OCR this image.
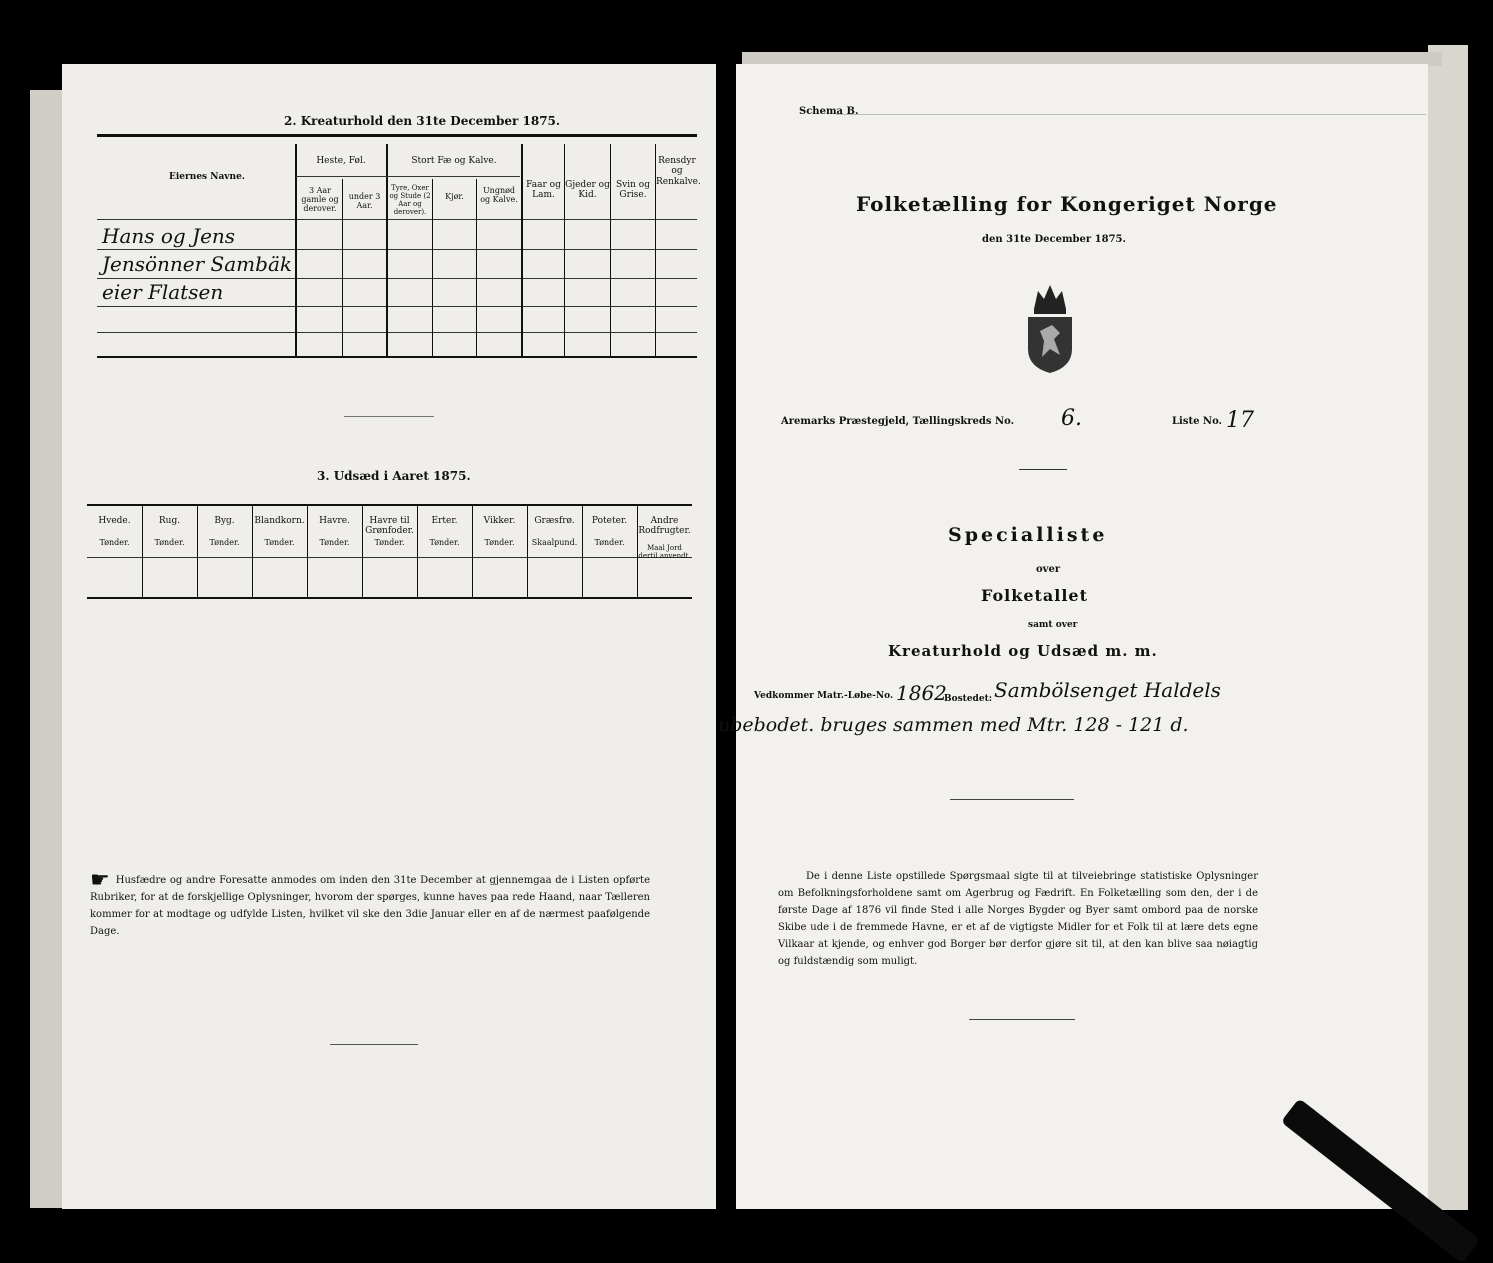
2. Kreaturhold den 31te December 1875.
Eiernes Navne.
Heste, Føl.	Stort Fæ og Kalve.
3 Aar gamle og derover.
under 3 Aar.
Tyre, Oxer og Stude (2 Aar og derover).
Kjør.
Ungnød og Kalve.
Faar og Lam.
Gjeder og Kid.
Svin og Grise.
Rensdyr og Renkalve.
Hans og Jens
Jensönner Sambäk
eier Flatsen
3. Udsæd i Aaret 1875.
Hvede.
Tønder.
Rug.
Tønder.
Byg.
Tønder.
Blandkorn.
Tønder.
Havre.
Tønder.
Havre til Grønfoder.
Tønder.
Erter.
Tønder.
Vikker.
Tønder.
Græsfrø.
Skaalpund.
Poteter.
Tønder.
Andre Rodfrugter.
Maal Jord dertil anvendt.
☛ Husfædre og andre Foresatte anmodes om inden den 31te December at gjennemgaa de i Listen opførte Rubriker, for at de forskjellige Oplysninger, hvorom der spørges, kunne haves paa rede Haand, naar Tælleren kommer for at modtage og udfylde Listen, hvilket vil ske den 3die Januar eller en af de nærmest paafølgende Dage.
Schema B.
Folketælling for Kongeriget Norge
den 31te December 1875.
Aremarks Præstegjeld, Tællingskreds No. 6.	Liste No. 17
Specialliste
over
Folketallet
samt over
Kreaturhold og Udsæd m. m.
Vedkommer Matr.-Løbe-No. 1862
Bostedet: Sambölsenget Haldels
ubebodet. bruges sammen med Mtr. 128 - 121 d.
De i denne Liste opstillede Spørgsmaal sigte til at tilveiebringe statistiske Oplysninger om Befolkningsforholdene samt om Agerbrug og Fædrift. En Folketælling som den, der i de første Dage af 1876 vil finde Sted i alle Norges Bygder og Byer samt ombord paa de norske Skibe ude i de fremmede Havne, er et af de vigtigste Midler for et Folk til at lære dets egne Vilkaar at kjende, og enhver god Borger bør derfor gjøre sit til, at den kan blive saa nøiagtig og fuldstændig som muligt.
